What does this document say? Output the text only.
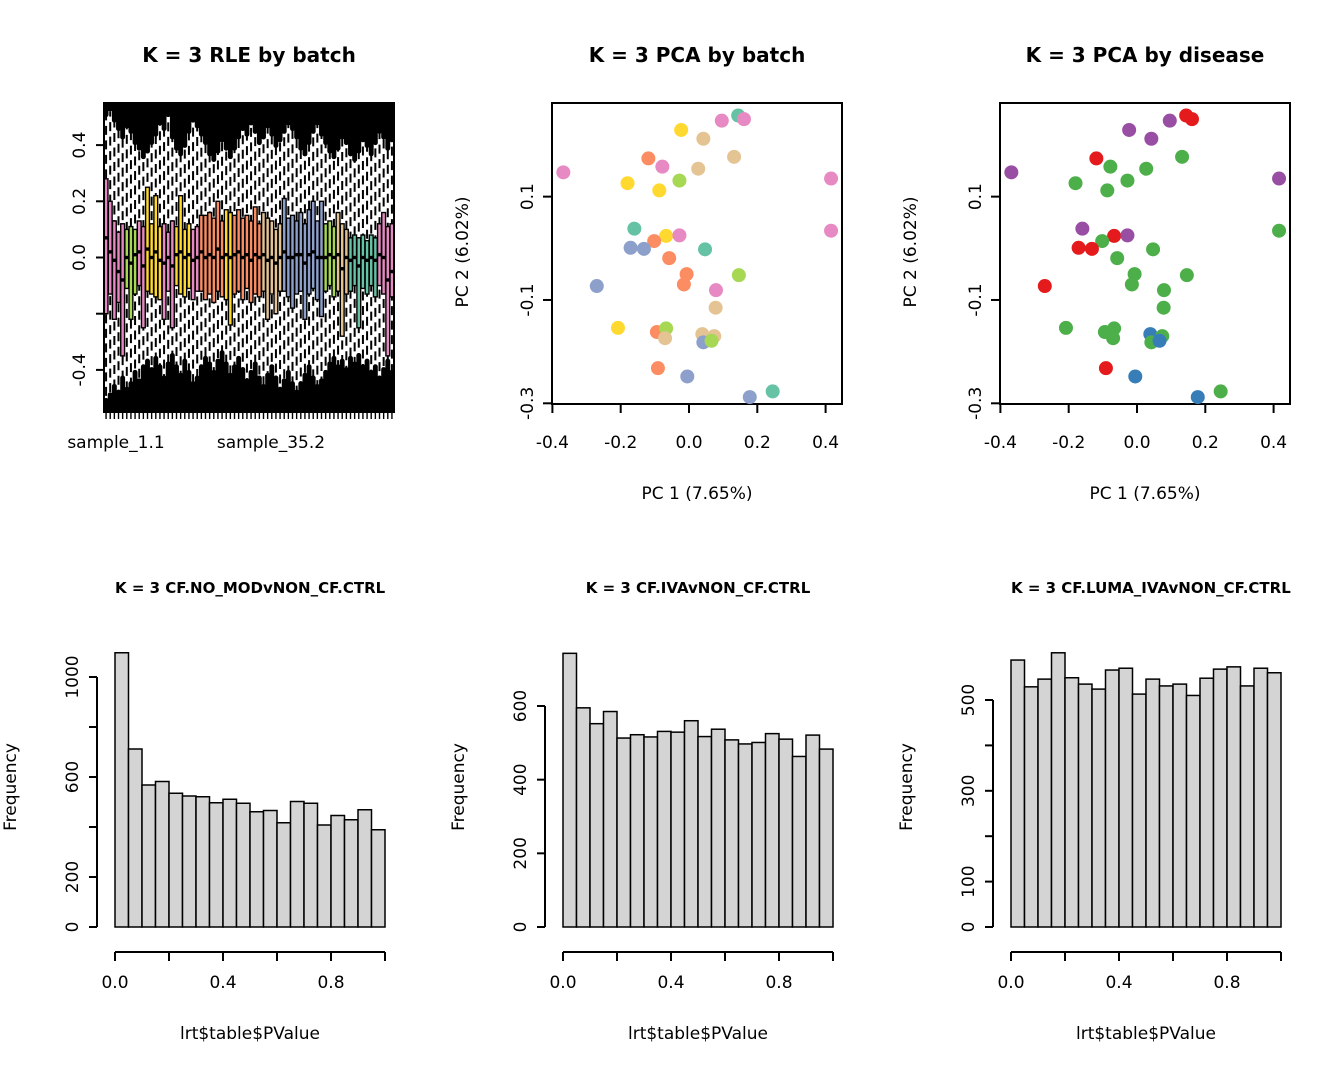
K = 3 RLE by batch
0.4
0.2
0.0
-0.4
sample_1.1	sample_35.2
K = 3 PCA by batch
-0.4 -0.2 0.0 0.2 0.4
0.1
-0.1
-0.3
PC 1 (7.65%)
PC 2 (6.02%)
K = 3 PCA by disease
-0.4 -0.2 0.0 0.2 0.4
0.1
-0.1
-0.3
PC 1 (7.65%)
PC 2 (6.02%)
K = 3 CF.NO_MODvNON_CF.CTRL
0
200
600
1000
0.0	0.4	0.8
lrt$table$PValue
Frequency
K = 3 CF.IVAvNON_CF.CTRL
0
200
400
600
0.0	0.4	0.8
lrt$table$PValue
Frequency
K = 3 CF.LUMA_IVAvNON_CF.CTRL
0
100
300
500
0.0	0.4	0.8
lrt$table$PValue
Frequency
